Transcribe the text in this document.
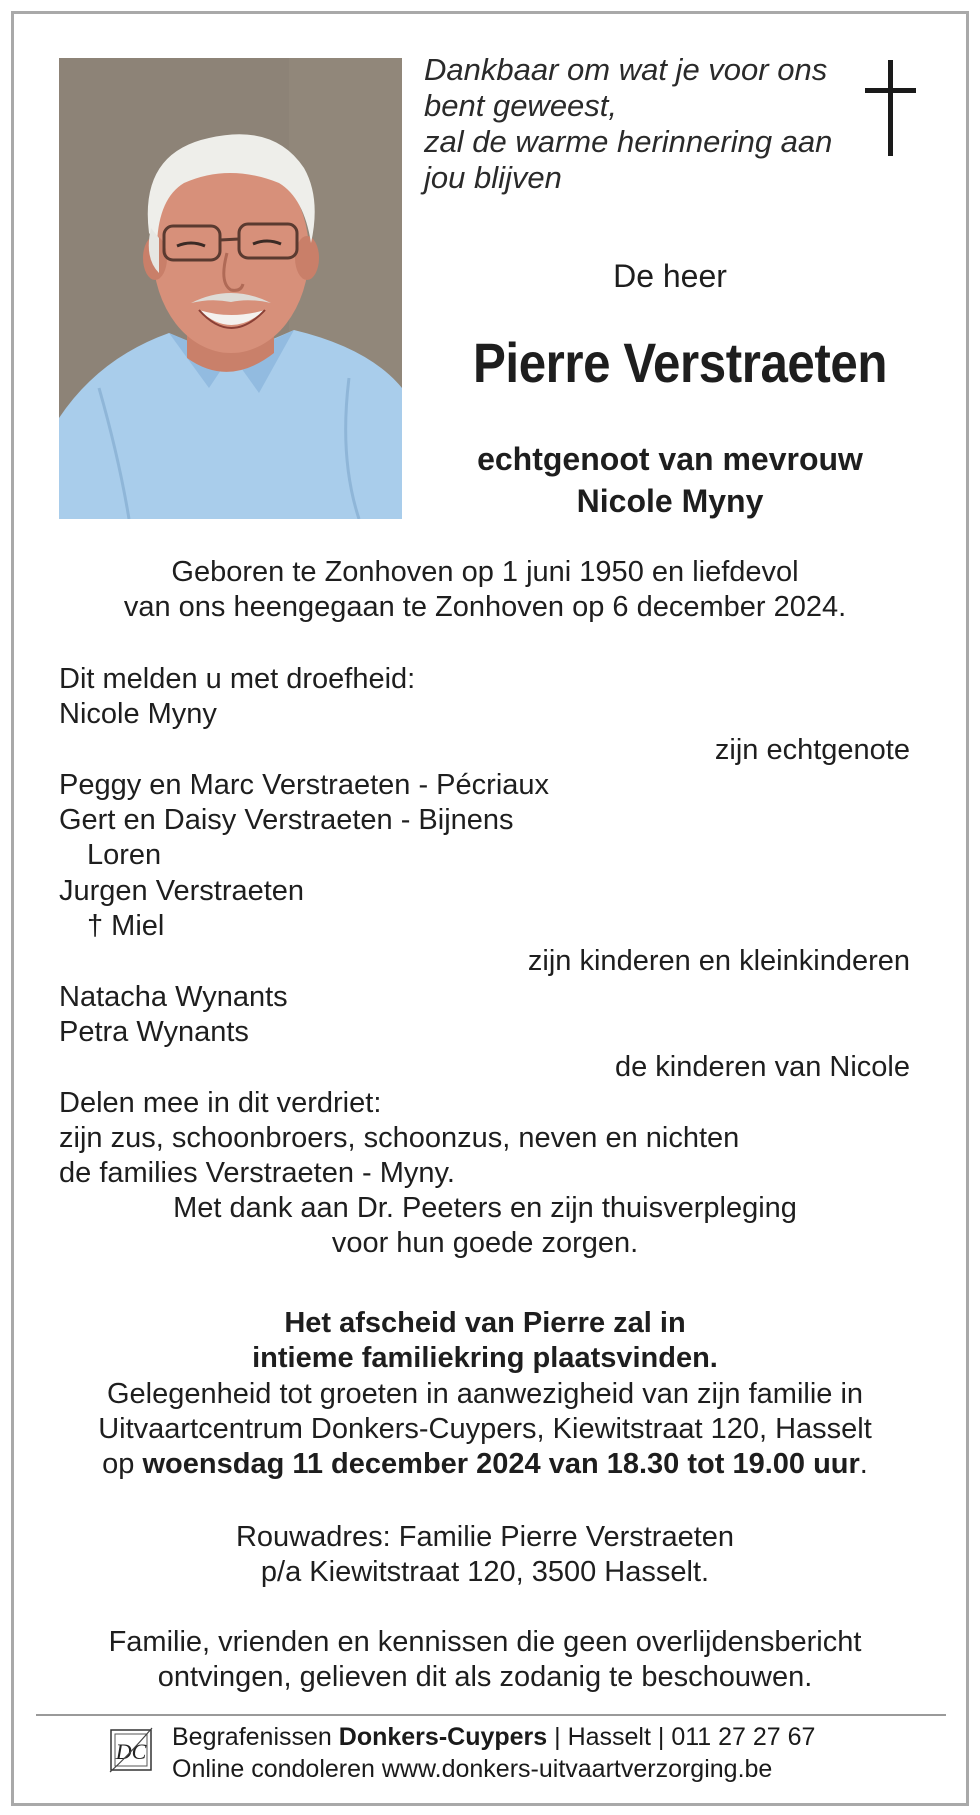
Dankbaar om wat je voor ons
bent geweest,
zal de warme herinnering aan
jou blijven
De heer
Pierre Verstraeten
echtgenoot van mevrouw
Nicole Myny
Geboren te Zonhoven op 1 juni 1950 en liefdevol
van ons heengegaan te Zonhoven op 6 december 2024.
Dit melden u met droefheid:
Nicole Myny
zijn echtgenote
Peggy en Marc Verstraeten - Pécriaux
Gert en Daisy Verstraeten - Bijnens
Loren
Jurgen Verstraeten
† Miel
zijn kinderen en kleinkinderen
Natacha Wynants
Petra Wynants
de kinderen van Nicole
Delen mee in dit verdriet:
zijn zus, schoonbroers, schoonzus, neven en nichten
de families Verstraeten - Myny.
Met dank aan Dr. Peeters en zijn thuisverpleging
voor hun goede zorgen.
Het afscheid van Pierre zal in
intieme familiekring plaatsvinden.
Gelegenheid tot groeten in aanwezigheid van zijn familie in
Uitvaartcentrum Donkers-Cuypers, Kiewitstraat 120, Hasselt
op woensdag 11 december 2024 van 18.30 tot 19.00 uur.
Rouwadres: Familie Pierre Verstraeten
p/a Kiewitstraat 120, 3500 Hasselt.
Familie, vrienden en kennissen die geen overlijdensbericht
ontvingen, gelieven dit als zodanig te beschouwen.
DC
Begrafenissen Donkers-Cuypers | Hasselt | 011 27 27 67
Online condoleren www.donkers-uitvaartverzorging.be
